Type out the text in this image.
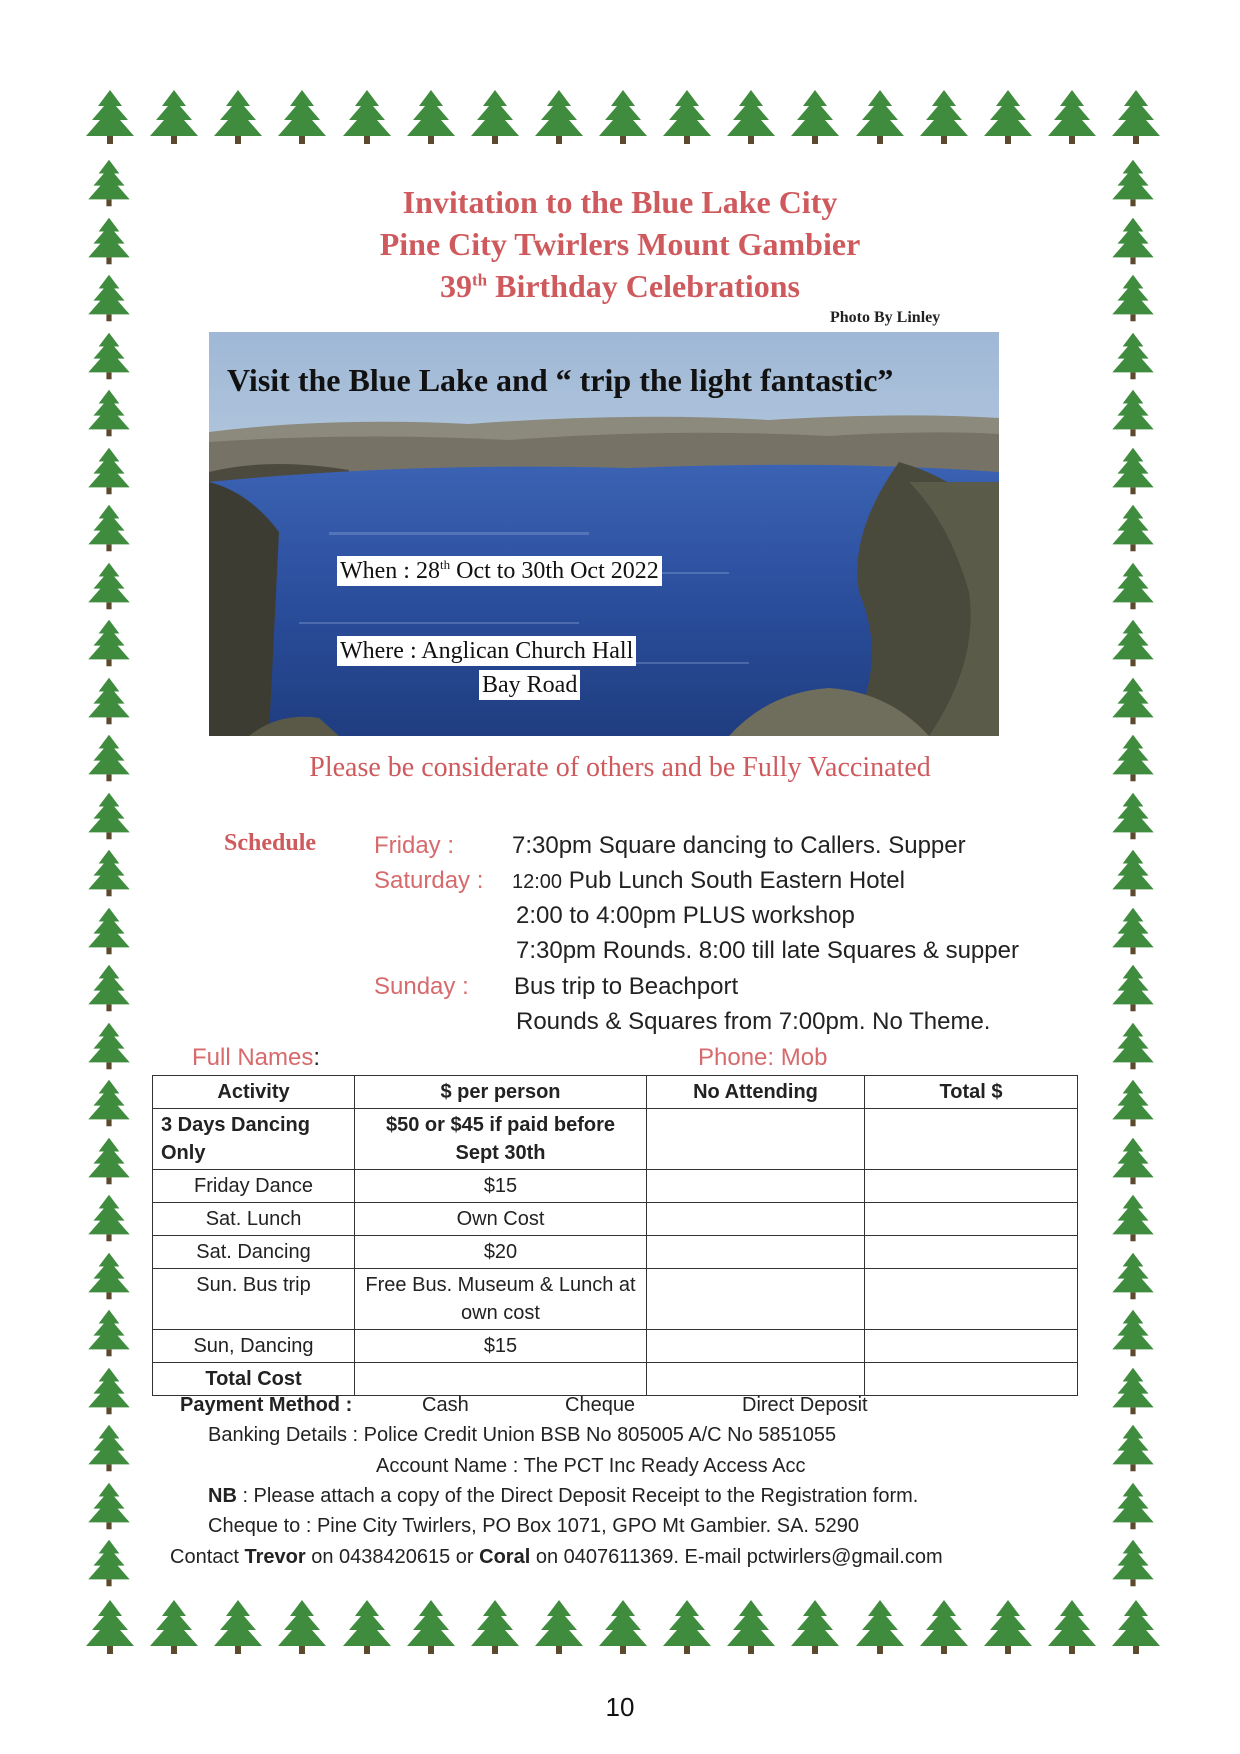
Invitation to the Blue Lake City
Pine City Twirlers Mount Gambier
39th Birthday Celebrations
Photo By Linley
Visit the Blue Lake and “ trip the light fantastic”
When : 28th Oct to 30th Oct 2022
Where : Anglican Church Hall
Bay Road
Please be considerate of others and be Fully Vaccinated
Schedule Friday : 7:30pm Square dancing to Callers. Supper
Saturday : 12:00 Pub Lunch South Eastern Hotel
2:00 to 4:00pm PLUS workshop
7:30pm Rounds. 8:00 till late Squares & supper
Sunday : Bus trip to Beachport
Rounds & Squares from 7:00pm. No Theme.
Full Names:	Phone: Mob
Activity	$ per person	No Attending	Total $
3 Days Dancing Only	$50 or $45 if paid before Sept 30th		
Friday Dance	$15		
Sat. Lunch	Own Cost		
Sat. Dancing	$20		
Sun. Bus trip	Free Bus. Museum & Lunch at own cost		
Sun, Dancing	$15		
Total Cost			
Payment Method :	Cash	Cheque	Direct Deposit
Banking Details : Police Credit Union BSB No 805005 A/C No 5851055
Account Name : The PCT Inc Ready Access Acc
NB : Please attach a copy of the Direct Deposit Receipt to the Registration form.
Cheque to : Pine City Twirlers, PO Box 1071, GPO Mt Gambier. SA. 5290
Contact Trevor on 0438420615 or Coral on 0407611369. E-mail pctwirlers@gmail.com
10
